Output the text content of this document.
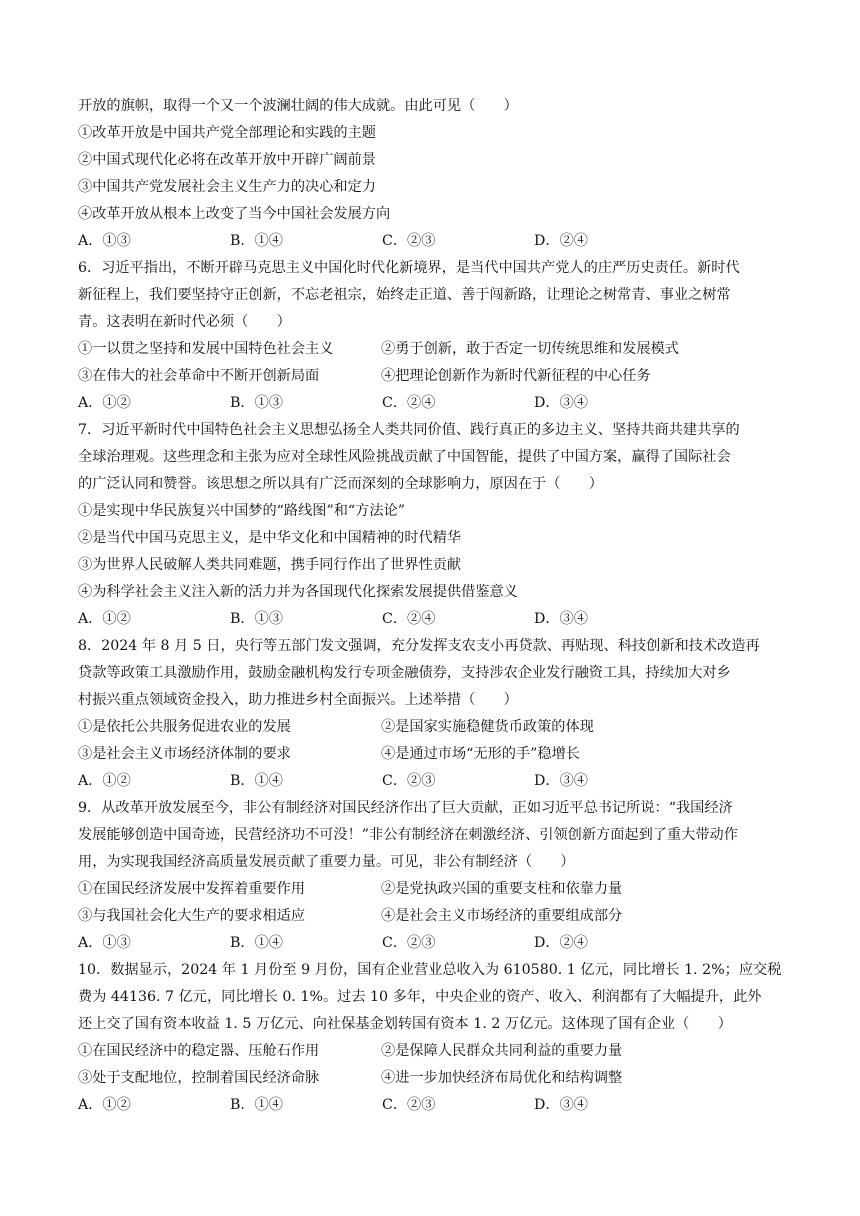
开放的旗帜，取得一个又一个波澜壮阔的伟大成就。由此可见（　　）
①改革开放是中国共产党全部理论和实践的主题
②中国式现代化必将在改革开放中开辟广阔前景
③中国共产党发展社会主义生产力的决心和定力
④改革开放从根本上改变了当今中国社会发展方向
A．①③	B．①④	C．②③	D．②④
6．习近平指出，不断开辟马克思主义中国化时代化新境界，是当代中国共产党人的庄严历史责任。新时代
新征程上，我们要坚持守正创新，不忘老祖宗，始终走正道、善于闯新路，让理论之树常青、事业之树常
青。这表明在新时代必须（　　）
①一以贯之坚持和发展中国特色社会主义	②勇于创新，敢于否定一切传统思维和发展模式
③在伟大的社会革命中不断开创新局面	④把理论创新作为新时代新征程的中心任务
A．①②	B．①③	C．②④	D．③④
7．习近平新时代中国特色社会主义思想弘扬全人类共同价值、践行真正的多边主义、坚持共商共建共享的
全球治理观。这些理念和主张为应对全球性风险挑战贡献了中国智能，提供了中国方案，赢得了国际社会
的广泛认同和赞誉。该思想之所以具有广泛而深刻的全球影响力，原因在于（　　）
①是实现中华民族复兴中国梦的“路线图”和“方法论”
②是当代中国马克思主义，是中华文化和中国精神的时代精华
③为世界人民破解人类共同难题，携手同行作出了世界性贡献
④为科学社会主义注入新的活力并为各国现代化探索发展提供借鉴意义
A．①②	B．①③	C．②④	D．③④
8．2024 年 8 月 5 日，央行等五部门发文强调，充分发挥支农支小再贷款、再贴现、科技创新和技术改造再
贷款等政策工具激励作用，鼓励金融机构发行专项金融债券，支持涉农企业发行融资工具，持续加大对乡
村振兴重点领域资金投入，助力推进乡村全面振兴。上述举措（　　）
①是依托公共服务促进农业的发展	②是国家实施稳健货币政策的体现
③是社会主义市场经济体制的要求	④是通过市场“无形的手”稳增长
A．①②	B．①④	C．②③	D．③④
9．从改革开放发展至今，非公有制经济对国民经济作出了巨大贡献，正如习近平总书记所说：“我国经济
发展能够创造中国奇迹，民营经济功不可没！”非公有制经济在刺激经济、引领创新方面起到了重大带动作
用，为实现我国经济高质量发展贡献了重要力量。可见，非公有制经济（　　）
①在国民经济发展中发挥着重要作用	②是党执政兴国的重要支柱和依靠力量
③与我国社会化大生产的要求相适应	④是社会主义市场经济的重要组成部分
A．①③	B．①④	C．②③	D．②④
10．数据显示，2024 年 1 月份至 9 月份，国有企业营业总收入为 610580. 1 亿元，同比增长 1. 2%；应交税
费为 44136. 7 亿元，同比增长 0. 1%。过去 10 多年，中央企业的资产、收入、利润都有了大幅提升，此外
还上交了国有资本收益 1. 5 万亿元、向社保基金划转国有资本 1. 2 万亿元。这体现了国有企业（　　）
①在国民经济中的稳定器、压舱石作用	②是保障人民群众共同利益的重要力量
③处于支配地位，控制着国民经济命脉	④进一步加快经济布局优化和结构调整
A．①②	B．①④	C．②③	D．③④
